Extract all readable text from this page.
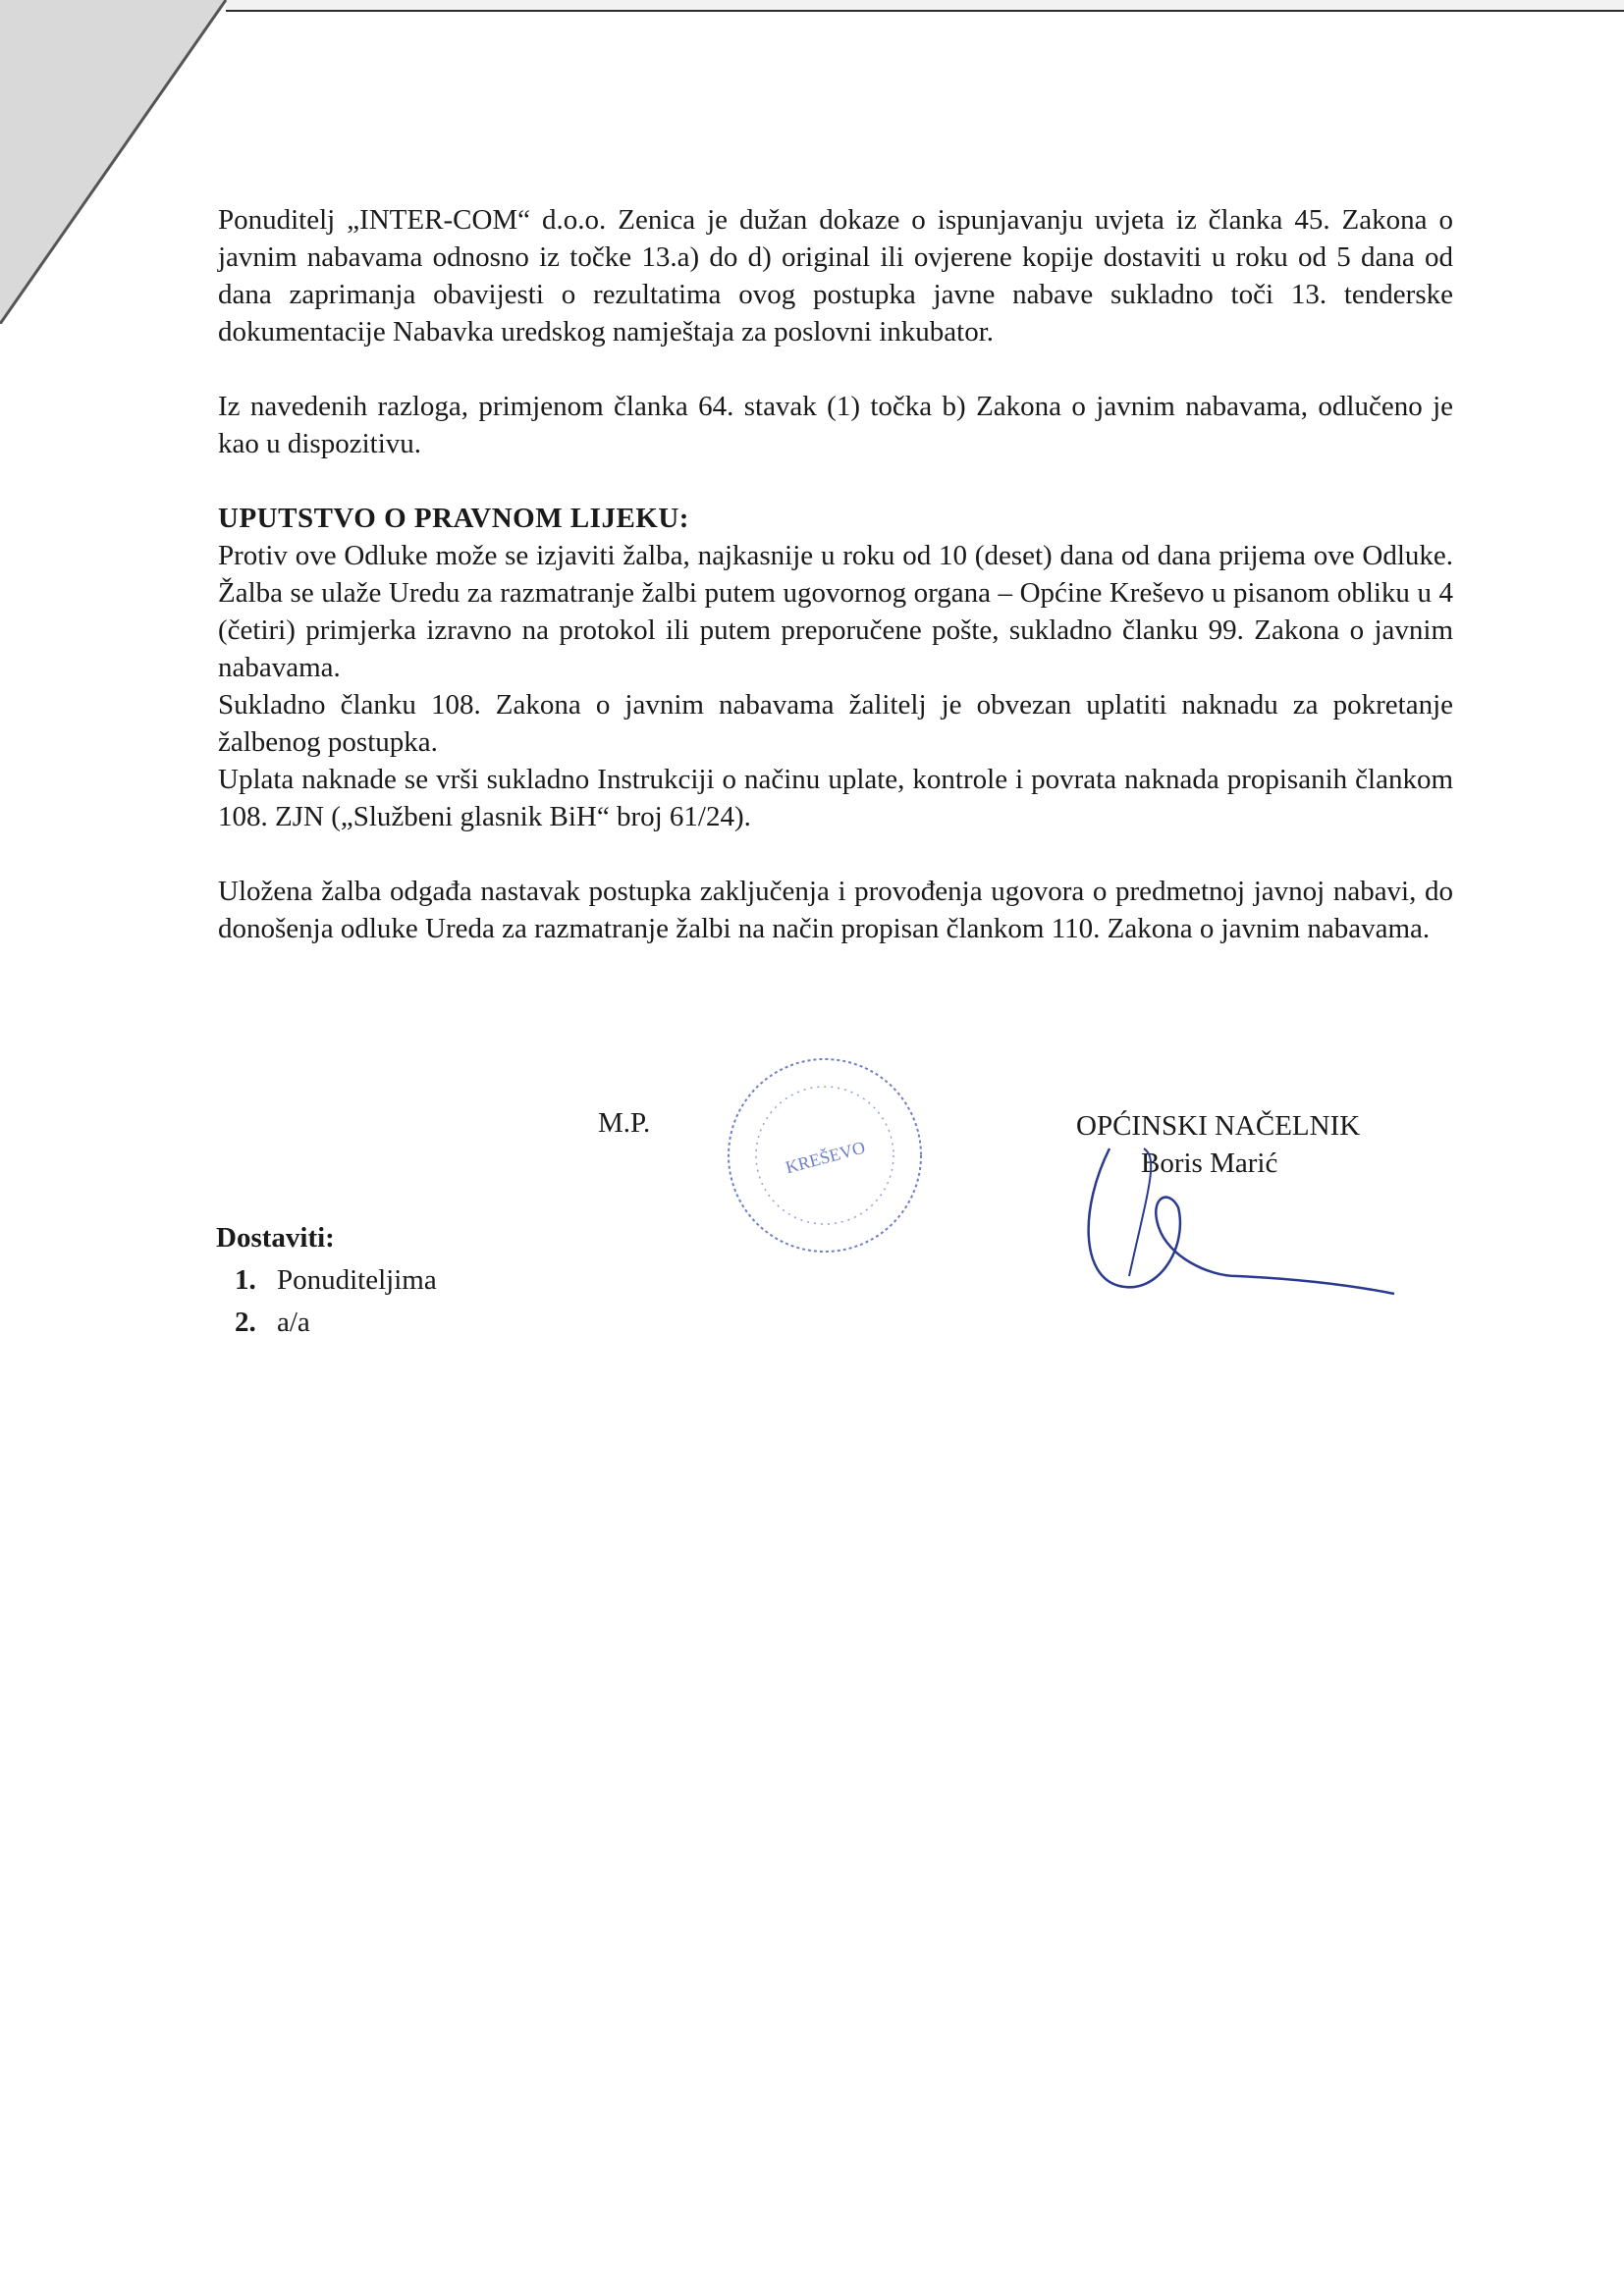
Ponuditelj „INTER-COM“ d.o.o. Zenica je dužan dokaze o ispunjavanju uvjeta iz članka 45. Zakona o javnim nabavama odnosno iz točke 13.a) do d) original ili ovjerene kopije dostaviti u roku od 5 dana od dana zaprimanja obavijesti o rezultatima ovog postupka javne nabave sukladno toči 13. tenderske dokumentacije Nabavka uredskog namještaja za poslovni inkubator.

Iz navedenih razloga, primjenom članka 64. stavak (1) točka b) Zakona o javnim nabavama, odlučeno je kao u dispozitivu.

UPUTSTVO O PRAVNOM LIJEKU:

Protiv ove Odluke može se izjaviti žalba, najkasnije u roku od 10 (deset) dana od dana prijema ove Odluke. Žalba se ulaže Uredu za razmatranje žalbi putem ugovornog organa – Općine Kreševo u pisanom obliku u 4 (četiri) primjerka izravno na protokol ili putem preporučene pošte, sukladno članku 99. Zakona o javnim nabavama.

Sukladno članku 108. Zakona o javnim nabavama žalitelj je obvezan uplatiti naknadu za pokretanje žalbenog postupka.

Uplata naknade se vrši sukladno Instrukciji o načinu uplate, kontrole i povrata naknada propisanih člankom 108. ZJN („Službeni glasnik BiH“ broj 61/24).

Uložena žalba odgađa nastavak postupka zaključenja i provođenja ugovora o predmetnoj javnoj nabavi, do donošenja odluke Ureda za razmatranje žalbi na način propisan člankom 110. Zakona o javnim nabavama.

M.P.
KREŠEVO
OPĆINSKI NAČELNIK
Boris Marić
Dostaviti:
1. Ponuditeljima
2. a/a
